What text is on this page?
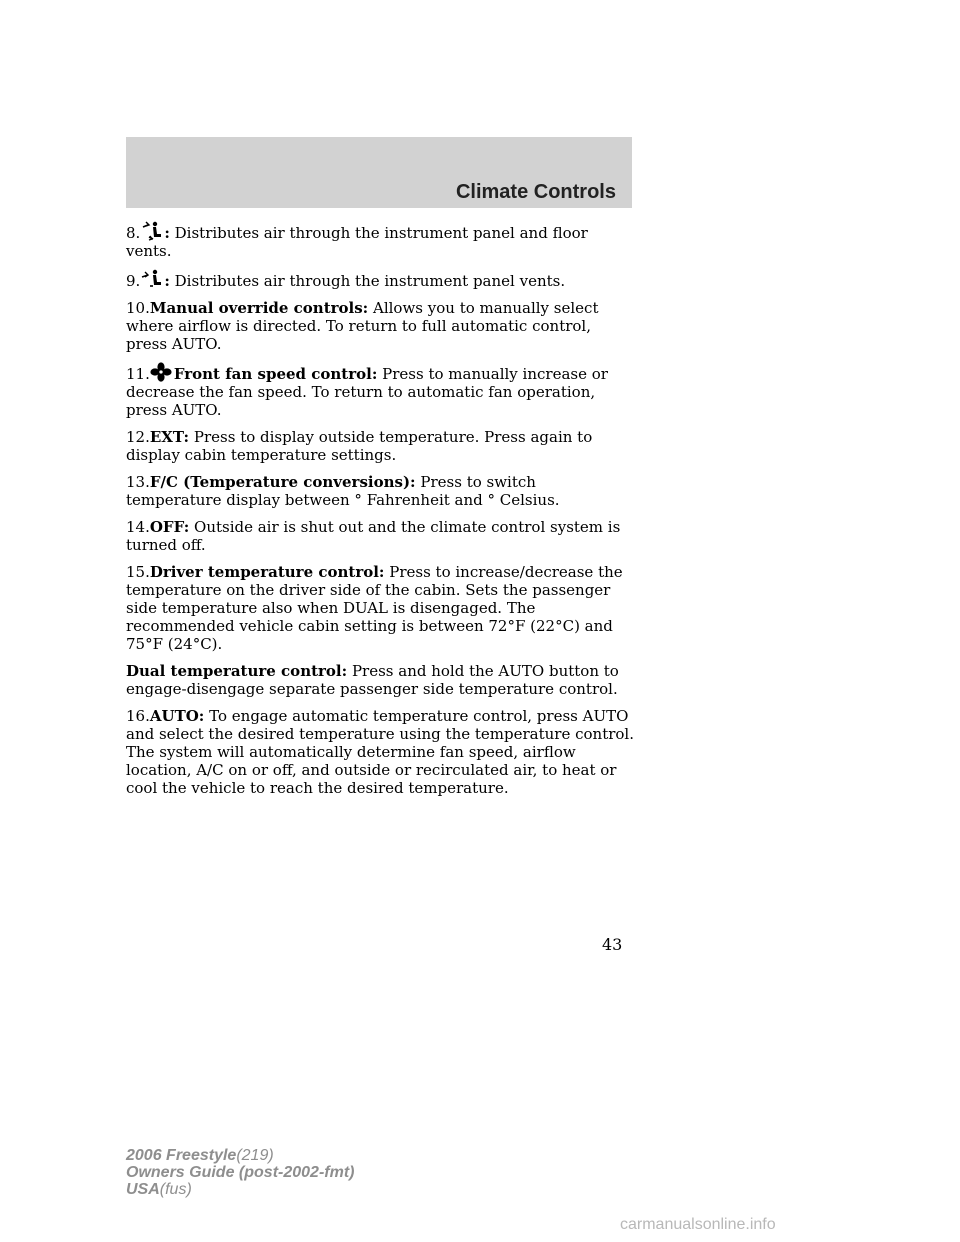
Climate Controls

8. : Distributes air through the instrument panel and floor vents.

9. : Distributes air through the instrument panel vents.

10.Manual override controls: Allows you to manually select where airflow is directed. To return to full automatic control, press AUTO.

11. Front fan speed control: Press to manually increase or decrease the fan speed. To return to automatic fan operation, press AUTO.

12.EXT: Press to display outside temperature. Press again to display cabin temperature settings.

13.F/C (Temperature conversions): Press to switch temperature display between ° Fahrenheit and ° Celsius.

14.OFF: Outside air is shut out and the climate control system is turned off.

15.Driver temperature control: Press to increase/decrease the temperature on the driver side of the cabin. Sets the passenger side temperature also when DUAL is disengaged. The recommended vehicle cabin setting is between 72°F (22°C) and 75°F (24°C).

Dual temperature control: Press and hold the AUTO button to engage-disengage separate passenger side temperature control.

16.AUTO: To engage automatic temperature control, press AUTO and select the desired temperature using the temperature control. The system will automatically determine fan speed, airflow location, A/C on or off, and outside or recirculated air, to heat or cool the vehicle to reach the desired temperature.

43
2006 Freestyle(219)
Owners Guide (post-2002-fmt)
USA(fus)
carmanualsonline.info
